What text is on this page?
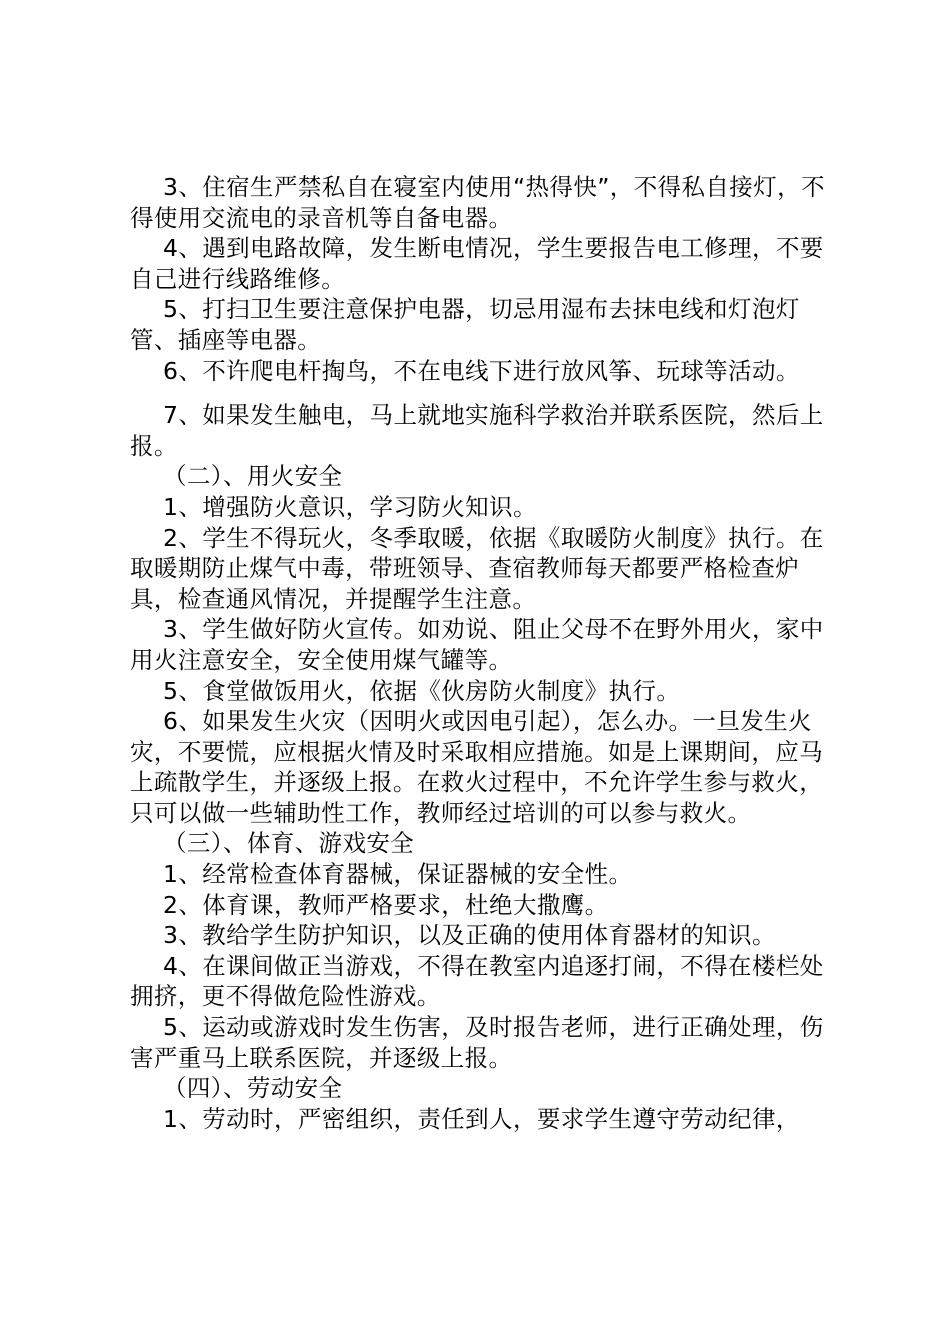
3、住宿生严禁私自在寝室内使用“热得快”，不得私自接灯，不得使用交流电的录音机等自备电器。

4、遇到电路故障，发生断电情况，学生要报告电工修理，不要自己进行线路维修。

5、打扫卫生要注意保护电器，切忌用湿布去抹电线和灯泡灯管、插座等电器。

6、不许爬电杆掏鸟，不在电线下进行放风筝、玩球等活动。

7、如果发生触电，马上就地实施科学救治并联系医院，然后上报。

（二）、用火安全

1、增强防火意识，学习防火知识。

2、学生不得玩火，冬季取暖，依据《取暖防火制度》执行。在取暖期防止煤气中毒，带班领导、查宿教师每天都要严格检查炉具，检查通风情况，并提醒学生注意。

3、学生做好防火宣传。如劝说、阻止父母不在野外用火，家中用火注意安全，安全使用煤气罐等。

5、食堂做饭用火，依据《伙房防火制度》执行。

6、如果发生火灾（因明火或因电引起），怎么办。一旦发生火灾，不要慌，应根据火情及时采取相应措施。如是上课期间，应马上疏散学生，并逐级上报。在救火过程中，不允许学生参与救火，只可以做一些辅助性工作，教师经过培训的可以参与救火。

（三）、体育、游戏安全

1、经常检查体育器械，保证器械的安全性。

2、体育课，教师严格要求，杜绝大撒鹰。

3、教给学生防护知识，以及正确的使用体育器材的知识。

4、在课间做正当游戏，不得在教室内追逐打闹，不得在楼栏处拥挤，更不得做危险性游戏。

5、运动或游戏时发生伤害，及时报告老师，进行正确处理，伤害严重马上联系医院，并逐级上报。

（四）、劳动安全

1、劳动时，严密组织，责任到人，要求学生遵守劳动纪律，
